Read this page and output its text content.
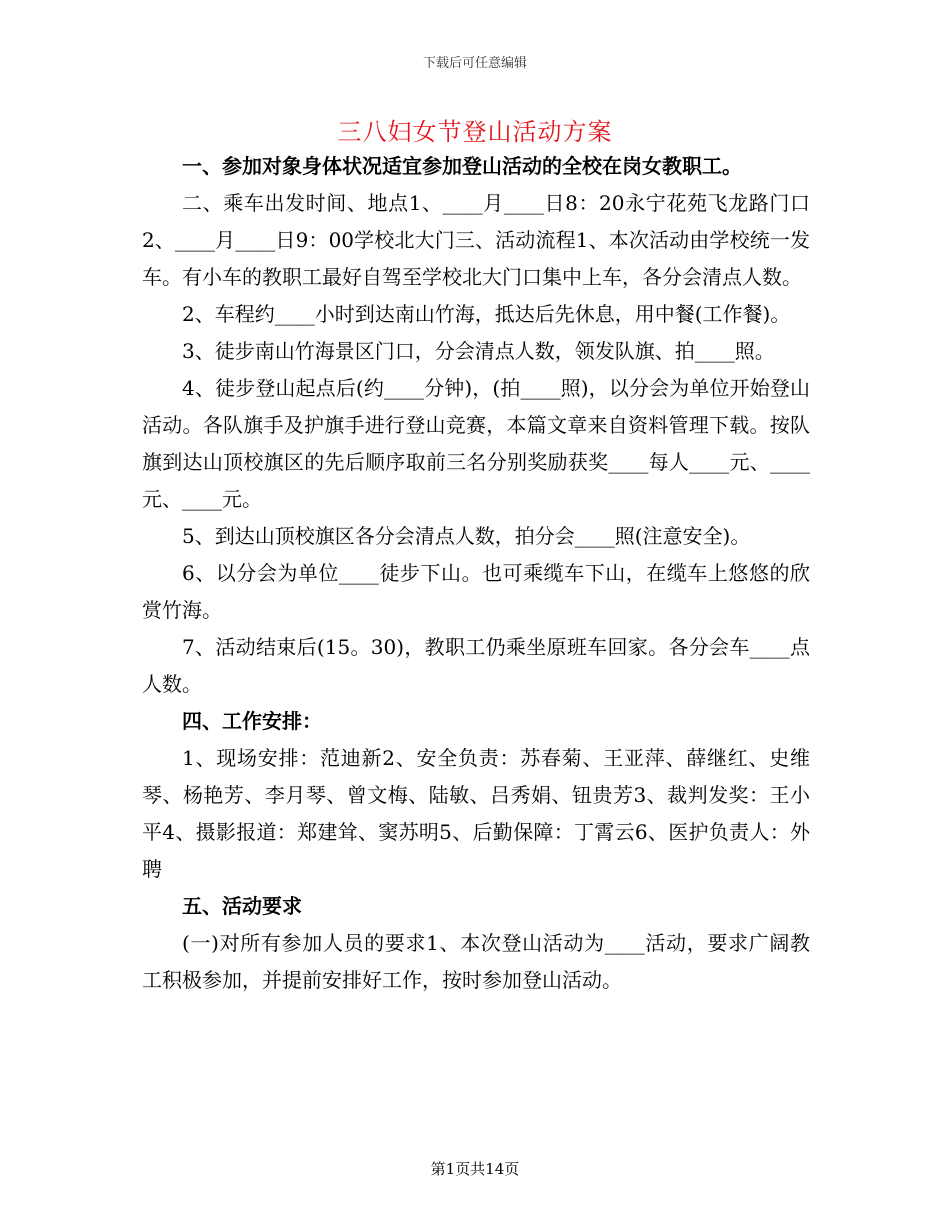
下载后可任意编辑
三八妇女节登山活动方案

一、参加对象身体状况适宜参加登山活动的全校在岗女教职工。

二、乘车出发时间、地点1、____月____日8：20永宁花苑飞龙路门口2、____月____日9：00学校北大门三、活动流程1、本次活动由学校统一发车。有小车的教职工最好自驾至学校北大门口集中上车，各分会清点人数。

2、车程约____小时到达南山竹海，抵达后先休息，用中餐(工作餐)。

3、徒步南山竹海景区门口，分会清点人数，领发队旗、拍____照。

4、徒步登山起点后(约____分钟)，(拍____照)，以分会为单位开始登山活动。各队旗手及护旗手进行登山竞赛，本篇文章来自资料管理下载。按队旗到达山顶校旗区的先后顺序取前三名分别奖励获奖____每人____元、____元、____元。

5、到达山顶校旗区各分会清点人数，拍分会____照(注意安全)。

6、以分会为单位____徒步下山。也可乘缆车下山，在缆车上悠悠的欣赏竹海。

7、活动结束后(15。30)，教职工仍乘坐原班车回家。各分会车____点人数。

四、工作安排：

1、现场安排：范迪新2、安全负责：苏春菊、王亚萍、薛继红、史维琴、杨艳芳、李月琴、曾文梅、陆敏、吕秀娟、钮贵芳3、裁判发奖：王小平4、摄影报道：郑建耸、窦苏明5、后勤保障：丁霄云6、医护负责人：外聘

五、活动要求

(一)对所有参加人员的要求1、本次登山活动为____活动，要求广阔教工积极参加，并提前安排好工作，按时参加登山活动。

第1页共14页
